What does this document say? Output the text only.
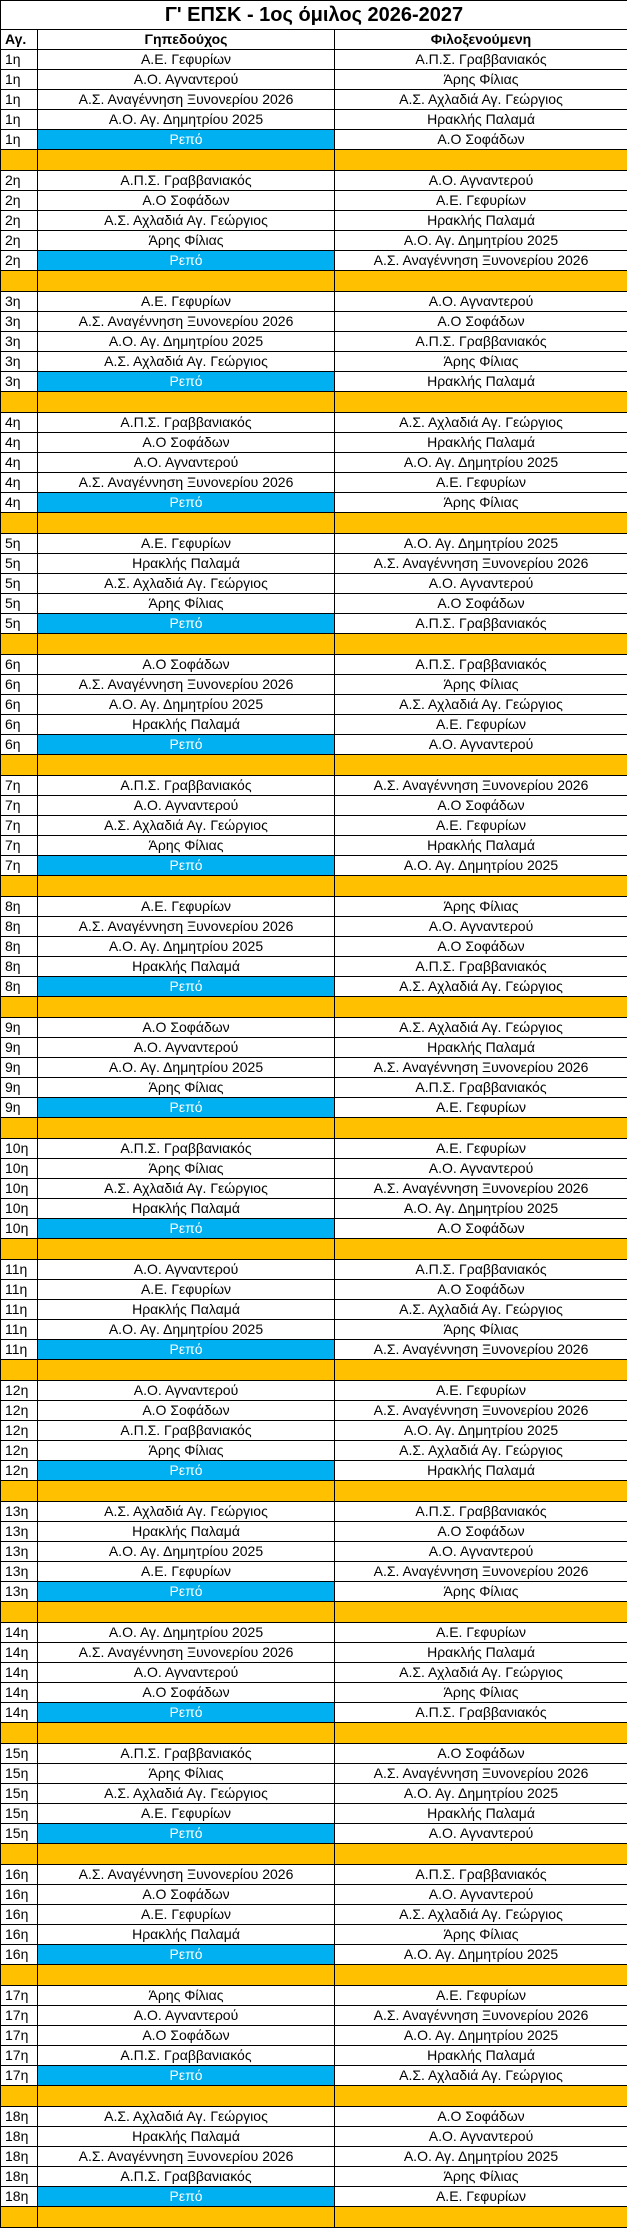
Γ' ΕΠΣΚ - 1ος όμιλος 2026-2027		
Αγ.	Γηπεδούχος	Φιλοξενούμενη
1η	Α.Ε. Γεφυρίων	Α.Π.Σ. Γραββανιακός
1η	Α.Ο. Αγναντερού	Άρης Φίλιας
1η	Α.Σ. Αναγέννηση Ξυνονερίου 2026	Α.Σ. Αχλαδιά Αγ. Γεώργιος
1η	Α.Ο. Αγ. Δημητρίου 2025	Ηρακλής Παλαμά
1η	Ρεπό	Α.Ο Σοφάδων

2η	Α.Π.Σ. Γραββανιακός	Α.Ο. Αγναντερού
2η	Α.Ο Σοφάδων	Α.Ε. Γεφυρίων
2η	Α.Σ. Αχλαδιά Αγ. Γεώργιος	Ηρακλής Παλαμά
2η	Άρης Φίλιας	Α.Ο. Αγ. Δημητρίου 2025
2η	Ρεπό	Α.Σ. Αναγέννηση Ξυνονερίου 2026

3η	Α.Ε. Γεφυρίων	Α.Ο. Αγναντερού
3η	Α.Σ. Αναγέννηση Ξυνονερίου 2026	Α.Ο Σοφάδων
3η	Α.Ο. Αγ. Δημητρίου 2025	Α.Π.Σ. Γραββανιακός
3η	Α.Σ. Αχλαδιά Αγ. Γεώργιος	Άρης Φίλιας
3η	Ρεπό	Ηρακλής Παλαμά

4η	Α.Π.Σ. Γραββανιακός	Α.Σ. Αχλαδιά Αγ. Γεώργιος
4η	Α.Ο Σοφάδων	Ηρακλής Παλαμά
4η	Α.Ο. Αγναντερού	Α.Ο. Αγ. Δημητρίου 2025
4η	Α.Σ. Αναγέννηση Ξυνονερίου 2026	Α.Ε. Γεφυρίων
4η	Ρεπό	Άρης Φίλιας

5η	Α.Ε. Γεφυρίων	Α.Ο. Αγ. Δημητρίου 2025
5η	Ηρακλής Παλαμά	Α.Σ. Αναγέννηση Ξυνονερίου 2026
5η	Α.Σ. Αχλαδιά Αγ. Γεώργιος	Α.Ο. Αγναντερού
5η	Άρης Φίλιας	Α.Ο Σοφάδων
5η	Ρεπό	Α.Π.Σ. Γραββανιακός

6η	Α.Ο Σοφάδων	Α.Π.Σ. Γραββανιακός
6η	Α.Σ. Αναγέννηση Ξυνονερίου 2026	Άρης Φίλιας
6η	Α.Ο. Αγ. Δημητρίου 2025	Α.Σ. Αχλαδιά Αγ. Γεώργιος
6η	Ηρακλής Παλαμά	Α.Ε. Γεφυρίων
6η	Ρεπό	Α.Ο. Αγναντερού

7η	Α.Π.Σ. Γραββανιακός	Α.Σ. Αναγέννηση Ξυνονερίου 2026
7η	Α.Ο. Αγναντερού	Α.Ο Σοφάδων
7η	Α.Σ. Αχλαδιά Αγ. Γεώργιος	Α.Ε. Γεφυρίων
7η	Άρης Φίλιας	Ηρακλής Παλαμά
7η	Ρεπό	Α.Ο. Αγ. Δημητρίου 2025

8η	Α.Ε. Γεφυρίων	Άρης Φίλιας
8η	Α.Σ. Αναγέννηση Ξυνονερίου 2026	Α.Ο. Αγναντερού
8η	Α.Ο. Αγ. Δημητρίου 2025	Α.Ο Σοφάδων
8η	Ηρακλής Παλαμά	Α.Π.Σ. Γραββανιακός
8η	Ρεπό	Α.Σ. Αχλαδιά Αγ. Γεώργιος

9η	Α.Ο Σοφάδων	Α.Σ. Αχλαδιά Αγ. Γεώργιος
9η	Α.Ο. Αγναντερού	Ηρακλής Παλαμά
9η	Α.Ο. Αγ. Δημητρίου 2025	Α.Σ. Αναγέννηση Ξυνονερίου 2026
9η	Άρης Φίλιας	Α.Π.Σ. Γραββανιακός
9η	Ρεπό	Α.Ε. Γεφυρίων

10η	Α.Π.Σ. Γραββανιακός	Α.Ε. Γεφυρίων
10η	Άρης Φίλιας	Α.Ο. Αγναντερού
10η	Α.Σ. Αχλαδιά Αγ. Γεώργιος	Α.Σ. Αναγέννηση Ξυνονερίου 2026
10η	Ηρακλής Παλαμά	Α.Ο. Αγ. Δημητρίου 2025
10η	Ρεπό	Α.Ο Σοφάδων

11η	Α.Ο. Αγναντερού	Α.Π.Σ. Γραββανιακός
11η	Α.Ε. Γεφυρίων	Α.Ο Σοφάδων
11η	Ηρακλής Παλαμά	Α.Σ. Αχλαδιά Αγ. Γεώργιος
11η	Α.Ο. Αγ. Δημητρίου 2025	Άρης Φίλιας
11η	Ρεπό	Α.Σ. Αναγέννηση Ξυνονερίου 2026

12η	Α.Ο. Αγναντερού	Α.Ε. Γεφυρίων
12η	Α.Ο Σοφάδων	Α.Σ. Αναγέννηση Ξυνονερίου 2026
12η	Α.Π.Σ. Γραββανιακός	Α.Ο. Αγ. Δημητρίου 2025
12η	Άρης Φίλιας	Α.Σ. Αχλαδιά Αγ. Γεώργιος
12η	Ρεπό	Ηρακλής Παλαμά

13η	Α.Σ. Αχλαδιά Αγ. Γεώργιος	Α.Π.Σ. Γραββανιακός
13η	Ηρακλής Παλαμά	Α.Ο Σοφάδων
13η	Α.Ο. Αγ. Δημητρίου 2025	Α.Ο. Αγναντερού
13η	Α.Ε. Γεφυρίων	Α.Σ. Αναγέννηση Ξυνονερίου 2026
13η	Ρεπό	Άρης Φίλιας

14η	Α.Ο. Αγ. Δημητρίου 2025	Α.Ε. Γεφυρίων
14η	Α.Σ. Αναγέννηση Ξυνονερίου 2026	Ηρακλής Παλαμά
14η	Α.Ο. Αγναντερού	Α.Σ. Αχλαδιά Αγ. Γεώργιος
14η	Α.Ο Σοφάδων	Άρης Φίλιας
14η	Ρεπό	Α.Π.Σ. Γραββανιακός

15η	Α.Π.Σ. Γραββανιακός	Α.Ο Σοφάδων
15η	Άρης Φίλιας	Α.Σ. Αναγέννηση Ξυνονερίου 2026
15η	Α.Σ. Αχλαδιά Αγ. Γεώργιος	Α.Ο. Αγ. Δημητρίου 2025
15η	Α.Ε. Γεφυρίων	Ηρακλής Παλαμά
15η	Ρεπό	Α.Ο. Αγναντερού

16η	Α.Σ. Αναγέννηση Ξυνονερίου 2026	Α.Π.Σ. Γραββανιακός
16η	Α.Ο Σοφάδων	Α.Ο. Αγναντερού
16η	Α.Ε. Γεφυρίων	Α.Σ. Αχλαδιά Αγ. Γεώργιος
16η	Ηρακλής Παλαμά	Άρης Φίλιας
16η	Ρεπό	Α.Ο. Αγ. Δημητρίου 2025

17η	Άρης Φίλιας	Α.Ε. Γεφυρίων
17η	Α.Ο. Αγναντερού	Α.Σ. Αναγέννηση Ξυνονερίου 2026
17η	Α.Ο Σοφάδων	Α.Ο. Αγ. Δημητρίου 2025
17η	Α.Π.Σ. Γραββανιακός	Ηρακλής Παλαμά
17η	Ρεπό	Α.Σ. Αχλαδιά Αγ. Γεώργιος

18η	Α.Σ. Αχλαδιά Αγ. Γεώργιος	Α.Ο Σοφάδων
18η	Ηρακλής Παλαμά	Α.Ο. Αγναντερού
18η	Α.Σ. Αναγέννηση Ξυνονερίου 2026	Α.Ο. Αγ. Δημητρίου 2025
18η	Α.Π.Σ. Γραββανιακός	Άρης Φίλιας
18η	Ρεπό	Α.Ε. Γεφυρίων
